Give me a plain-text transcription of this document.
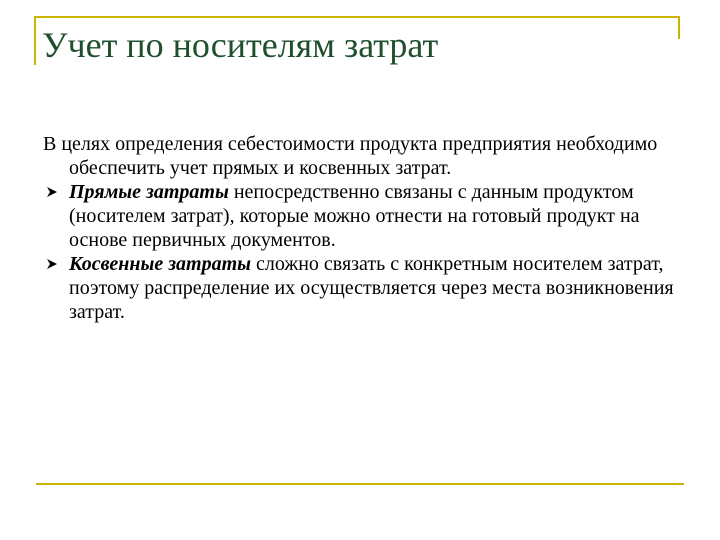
Учет по носителям затрат

В целях определения себестоимости продукта предприятия необходимо обеспечить учет прямых и косвенных затрат.

Прямые затраты непосредственно связаны с данным продуктом (носителем затрат), которые можно отнести на готовый продукт на основе первичных документов.

Косвенные затраты сложно связать с конкретным носителем затрат, поэтому распределение их осуществляется через места возникновения затрат.
